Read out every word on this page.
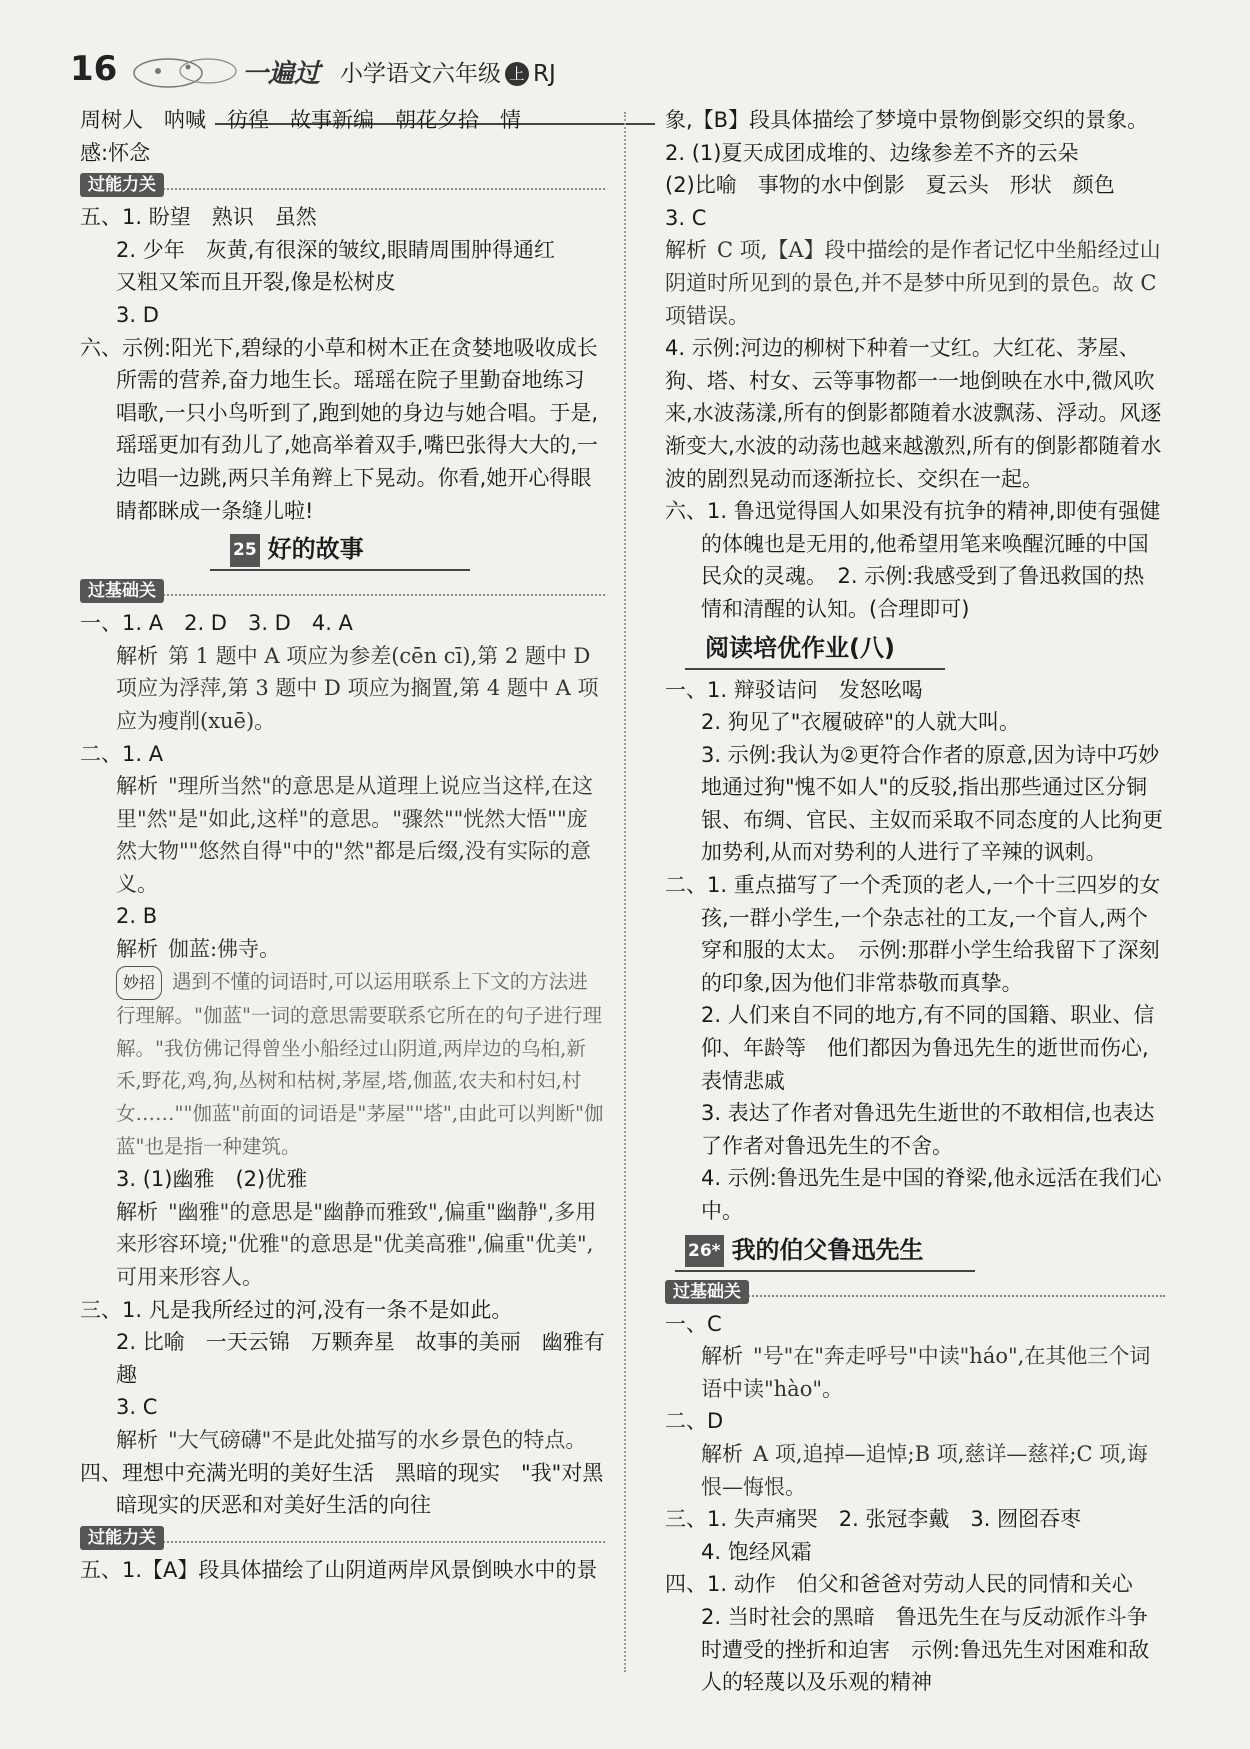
16	一遍过 小学语文六年级 上 RJ
周树人　呐喊　彷徨　故事新编　朝花夕拾　情
感:怀念
过能力关
五、1. 盼望　熟识　虽然
2. 少年　灰黄,有很深的皱纹,眼睛周围肿得通红
又粗又笨而且开裂,像是松树皮
3. D
六、示例:阳光下,碧绿的小草和树木正在贪婪地吸收成长所需的营养,奋力地生长。瑶瑶在院子里勤奋地练习唱歌,一只小鸟听到了,跑到她的身边与她合唱。于是,瑶瑶更加有劲儿了,她高举着双手,嘴巴张得大大的,一边唱一边跳,两只羊角辫上下晃动。你看,她开心得眼睛都眯成一条缝儿啦!
25 好的故事
过基础关
一、1. A　2. D　3. D　4. A
解析 第 1 题中 A 项应为参差(cēn cī),第 2 题中 D 项应为浮萍,第 3 题中 D 项应为搁置,第 4 题中 A 项应为瘦削(xuē)。
二、1. A
解析 "理所当然"的意思是从道理上说应当这样,在这里"然"是"如此,这样"的意思。"骤然""恍然大悟""庞然大物""悠然自得"中的"然"都是后缀,没有实际的意义。
2. B
解析 伽蓝:佛寺。
妙招 遇到不懂的词语时,可以运用联系上下文的方法进行理解。"伽蓝"一词的意思需要联系它所在的句子进行理解。"我仿佛记得曾坐小船经过山阴道,两岸边的乌桕,新禾,野花,鸡,狗,丛树和枯树,茅屋,塔,伽蓝,农夫和村妇,村女……""伽蓝"前面的词语是"茅屋""塔",由此可以判断"伽蓝"也是指一种建筑。
3. (1)幽雅　(2)优雅
解析 "幽雅"的意思是"幽静而雅致",偏重"幽静",多用来形容环境;"优雅"的意思是"优美高雅",偏重"优美",可用来形容人。
三、1. 凡是我所经过的河,没有一条不是如此。
2. 比喻　一天云锦　万颗奔星　故事的美丽　幽雅有趣
3. C
解析 "大气磅礴"不是此处描写的水乡景色的特点。
四、理想中充满光明的美好生活　黑暗的现实　"我"对黑暗现实的厌恶和对美好生活的向往
过能力关
五、1.【A】段具体描绘了山阴道两岸风景倒映水中的景
象,【B】段具体描绘了梦境中景物倒影交织的景象。
2. (1)夏天成团成堆的、边缘参差不齐的云朵
(2)比喻　事物的水中倒影　夏云头　形状　颜色
3. C
解析 C 项,【A】段中描绘的是作者记忆中坐船经过山阴道时所见到的景色,并不是梦中所见到的景色。故 C 项错误。
4. 示例:河边的柳树下种着一丈红。大红花、茅屋、狗、塔、村女、云等事物都一一地倒映在水中,微风吹来,水波荡漾,所有的倒影都随着水波飘荡、浮动。风逐渐变大,水波的动荡也越来越激烈,所有的倒影都随着水波的剧烈晃动而逐渐拉长、交织在一起。
六、1. 鲁迅觉得国人如果没有抗争的精神,即使有强健的体魄也是无用的,他希望用笔来唤醒沉睡的中国民众的灵魂。　2. 示例:我感受到了鲁迅救国的热情和清醒的认知。(合理即可)
阅读培优作业(八)
一、1. 辩驳诘问　发怒吆喝
2. 狗见了"衣履破碎"的人就大叫。
3. 示例:我认为②更符合作者的原意,因为诗中巧妙地通过狗"愧不如人"的反驳,指出那些通过区分铜银、布绸、官民、主奴而采取不同态度的人比狗更加势利,从而对势利的人进行了辛辣的讽刺。
二、1. 重点描写了一个秃顶的老人,一个十三四岁的女孩,一群小学生,一个杂志社的工友,一个盲人,两个穿和服的太太。　示例:那群小学生给我留下了深刻的印象,因为他们非常恭敬而真挚。
2. 人们来自不同的地方,有不同的国籍、职业、信仰、年龄等　他们都因为鲁迅先生的逝世而伤心,表情悲戚
3. 表达了作者对鲁迅先生逝世的不敢相信,也表达了作者对鲁迅先生的不舍。
4. 示例:鲁迅先生是中国的脊梁,他永远活在我们心中。
26* 我的伯父鲁迅先生
过基础关
一、C
解析 "号"在"奔走呼号"中读"háo",在其他三个词语中读"hào"。
二、D
解析 A 项,追掉—追悼;B 项,慈详—慈祥;C 项,诲恨—悔恨。
三、1. 失声痛哭　2. 张冠李戴　3. 囫囵吞枣
4. 饱经风霜
四、1. 动作　伯父和爸爸对劳动人民的同情和关心
2. 当时社会的黑暗　鲁迅先生在与反动派作斗争时遭受的挫折和迫害　示例:鲁迅先生对困难和敌人的轻蔑以及乐观的精神
